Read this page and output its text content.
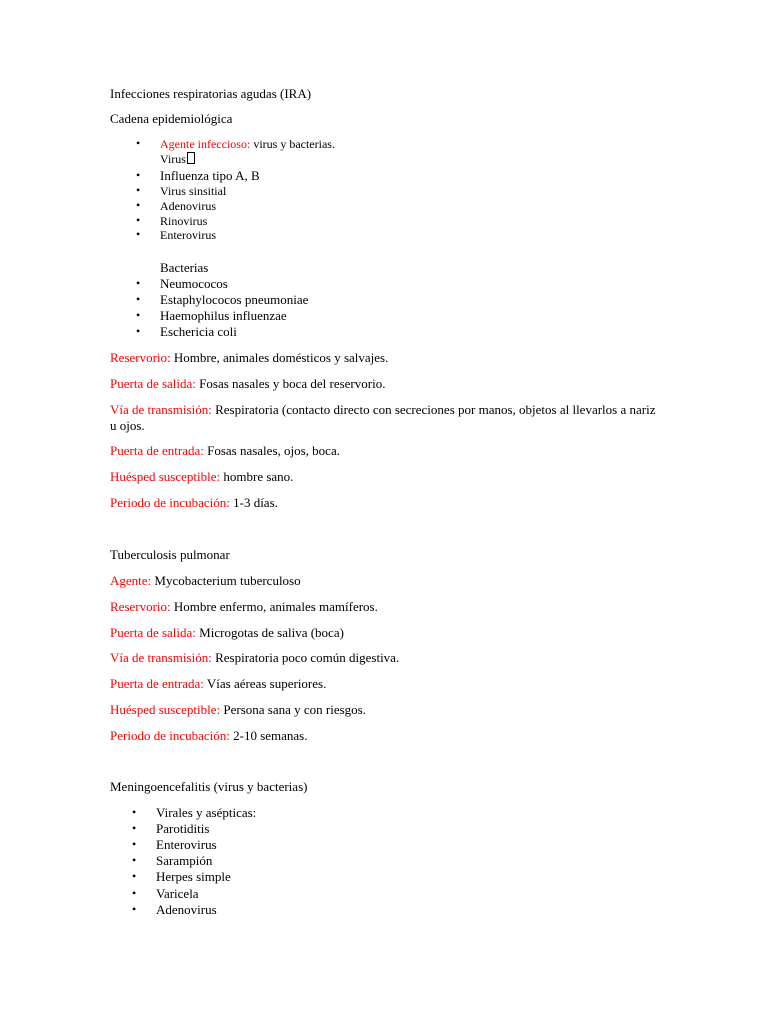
Infecciones respiratorias agudas (IRA)
Cadena epidemiológica
• Agente infeccioso: virus y bacterias.
Virus
• Influenza tipo A, B
• Virus sinsitial
• Adenovirus
• Rinovirus
• Enterovirus
Bacterias
• Neumococos
• Estaphylococos pneumoniae
• Haemophilus influenzae
• Eschericia coli
Reservorio: Hombre, animales domésticos y salvajes.
Puerta de salida: Fosas nasales y boca del reservorio.
Vía de transmisión: Respiratoria (contacto directo con secreciones por manos, objetos al llevarlos a nariz
u ojos.
Puerta de entrada: Fosas nasales, ojos, boca.
Huésped susceptible: hombre sano.
Periodo de incubación: 1-3 días.
Tuberculosis pulmonar
Agente: Mycobacterium tuberculoso
Reservorio: Hombre enfermo, animales mamíferos.
Puerta de salida: Microgotas de saliva (boca)
Vía de transmisión: Respiratoria poco común digestiva.
Puerta de entrada: Vías aéreas superiores.
Huésped susceptible: Persona sana y con riesgos.
Periodo de incubación: 2-10 semanas.
Meningoencefalitis (virus y bacterias)
• Virales y asépticas:
• Parotiditis
• Enterovirus
• Sarampión
• Herpes simple
• Varicela
• Adenovirus
